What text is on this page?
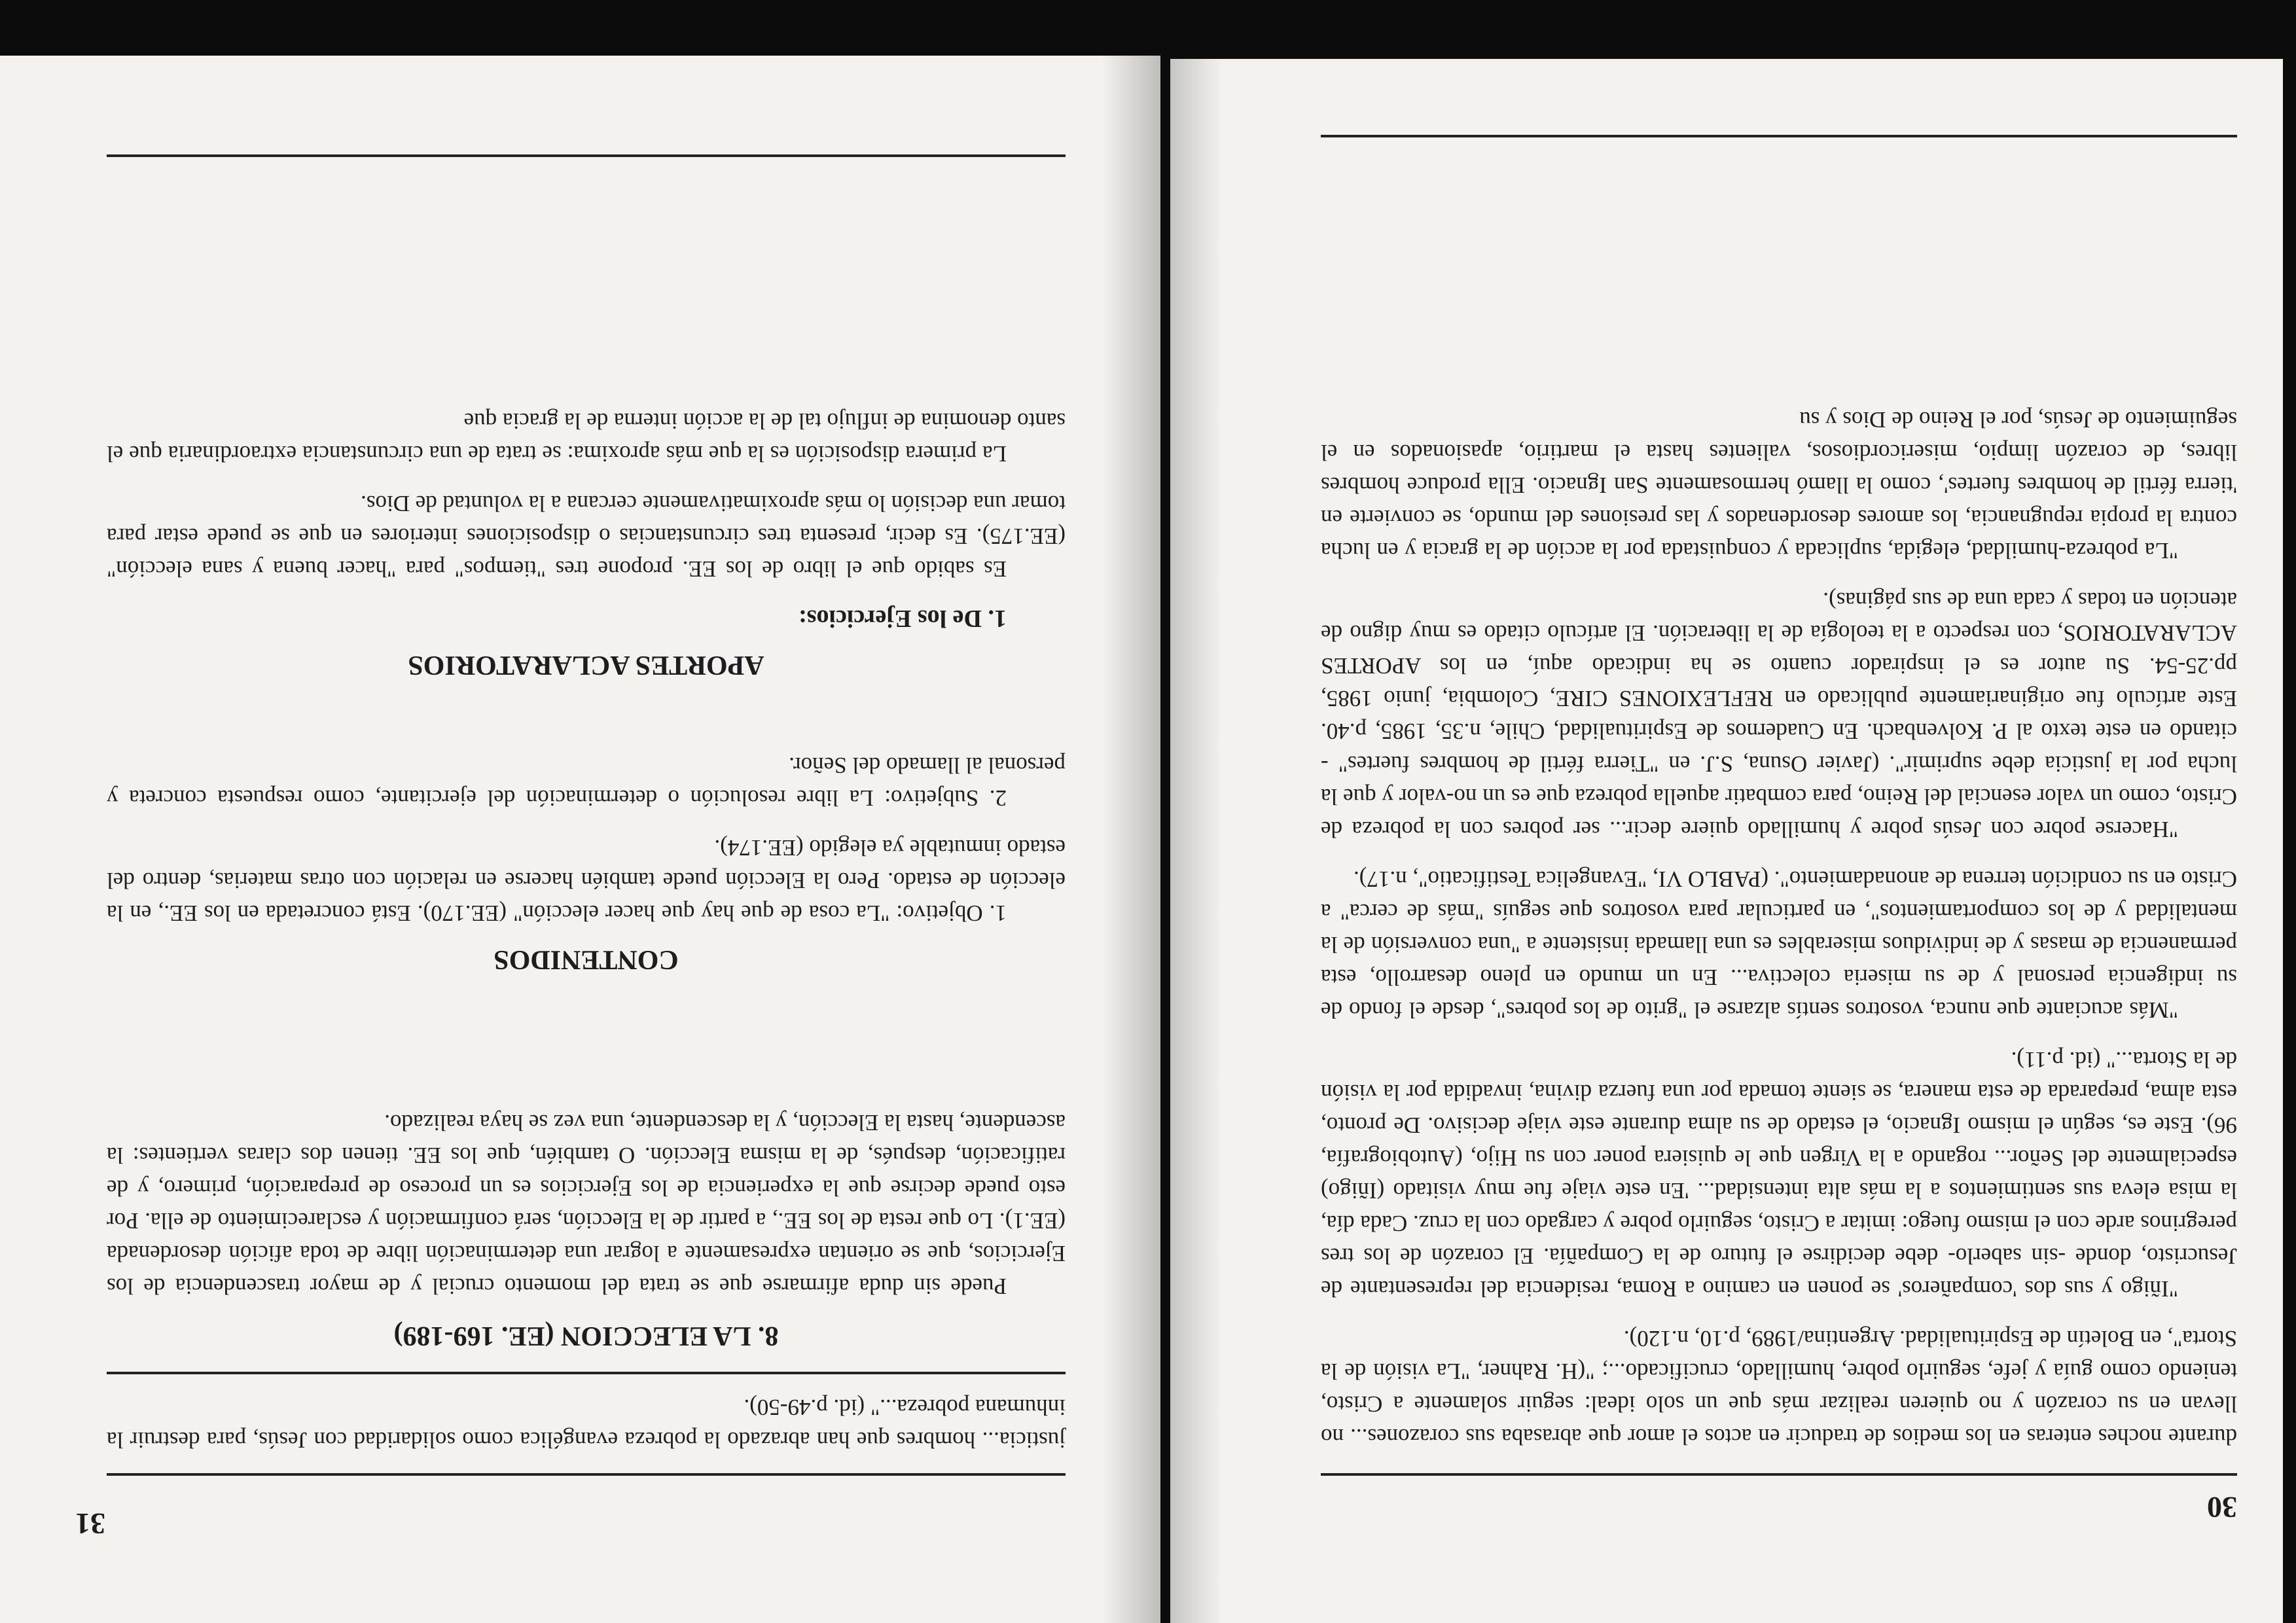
30

durante noches enteras en los medios de traducir en actos el amor que abrasaba sus corazones... no llevan en su corazón y no quieren realizar más que un solo ideal: seguir solamente a Cristo, teniendo como guía y jefe, seguirlo pobre, humillado, crucificado...; "(H. Rahner, "La visión de la Storta", en Boletín de Espiritualidad. Argentina/1989, p.10, n.120).

"Iñigo y sus dos 'compañeros' se ponen en camino a Roma, residencia del representante de Jesucristo, donde -sin saberlo- debe decidirse el futuro de la Compañía. El corazón de los tres peregrinos arde con el mismo fuego: imitar a Cristo, seguirlo pobre y cargado con la cruz. Cada día, la misa eleva sus sentimientos a la más alta intensidad... 'En este viaje fue muy visitado (Iñigo) especialmente del Señor... rogando a la Virgen que le quisiera poner con su Hijo, (Autobiografía, 96). Este es, según el mismo Ignacio, el estado de su alma durante este viaje decisivo. De pronto, esta alma, preparada de esta manera, se siente tomada por una fuerza divina, invadida por la visión de la Storta..." (id. p.11).

"Más acuciante que nunca, vosotros sentís alzarse el "grito de los pobres", desde el fondo de su indigencia personal y de su miseria colectiva... En un mundo en pleno desarrollo, esta permanencia de masas y de individuos miserables es una llamada insistente a "una conversión de la mentalidad y de los comportamientos", en particular para vosotros que seguís "más de cerca" a Cristo en su condición terrena de anonadamiento". (PABLO VI, "Evangelica Testificatio", n.17).

"Hacerse pobre con Jesús pobre y humillado quiere decir... ser pobres con la pobreza de Cristo, como un valor esencial del Reino, para combatir aquella pobreza que es un no-valor y que la lucha por la justicia debe suprimir". (Javier Osuna, S.J. en "Tierra fértil de hombres fuertes" -citando en este texto al P. Kolvenbach. En Cuadernos de Espiritualidad, Chile, n.35, 1985, p.40. Este artículo fue originariamente publicado en REFLEXIONES CIRE, Colombia, junio 1985, pp.25-54. Su autor es el inspirador cuanto se ha indicado aquí, en los APORTES ACLARATORIOS, con respecto a la teología de la liberación. El artículo citado es muy digno de atención en todas y cada una de sus páginas).

"La pobreza-humildad, elegida, suplicada y conquistada por la acción de la gracia y en lucha contra la propia repugnancia, los amores desordenados y las presiones del mundo, se convierte en 'tierra fértil de hombres fuertes', como la llamó hermosamente San Ignacio. Ella produce hombres libres, de corazón limpio, misericordiosos, valientes hasta el martirio, apasionados en el seguimiento de Jesús, por el Reino de Dios y su

31

justicia... hombres que han abrazado la pobreza evangélica como solidaridad con Jesús, para destruir la inhumana pobreza..." (id. p.49-50).

8. LA ELECCION (EE. 169-189)

Puede sin duda afirmarse que se trata del momento crucial y de mayor trascendencia de los Ejercicios, que se orientan expresamente a lograr una determinación libre de toda afición desordenada (EE.1). Lo que resta de los EE., a partir de la Elección, será confirmación y esclarecimiento de ella. Por esto puede decirse que la experiencia de los Ejercicios es un proceso de preparación, primero, y de ratificación, después, de la misma Elección. O también, que los EE. tienen dos claras vertientes: la ascendente, hasta la Elección, y la descendente, una vez se haya realizado.

CONTENIDOS

1. Objetivo: "La cosa de que hay que hacer elección" (EE.170). Está concretada en los EE., en la elección de estado. Pero la Elección puede también hacerse en relación con otras materias, dentro del estado inmutable ya elegido (EE.174).

2. Subjetivo: La libre resolución o determinación del ejercitante, como respuesta concreta y personal al llamado del Señor.

APORTES ACLARATORIOS

1. De los Ejercicios:

Es sabido que el libro de los EE. propone tres "tiempos" para "hacer buena y sana elección" (EE.175). Es decir, presenta tres circunstancias o disposiciones interiores en que se puede estar para tomar una decisión lo más aproximativamente cercana a la voluntad de Dios.

La primera disposición es la que más aproxima: se trata de una circunstancia extraordinaria que el santo denomina de influjo tal de la acción interna de la gracia que
